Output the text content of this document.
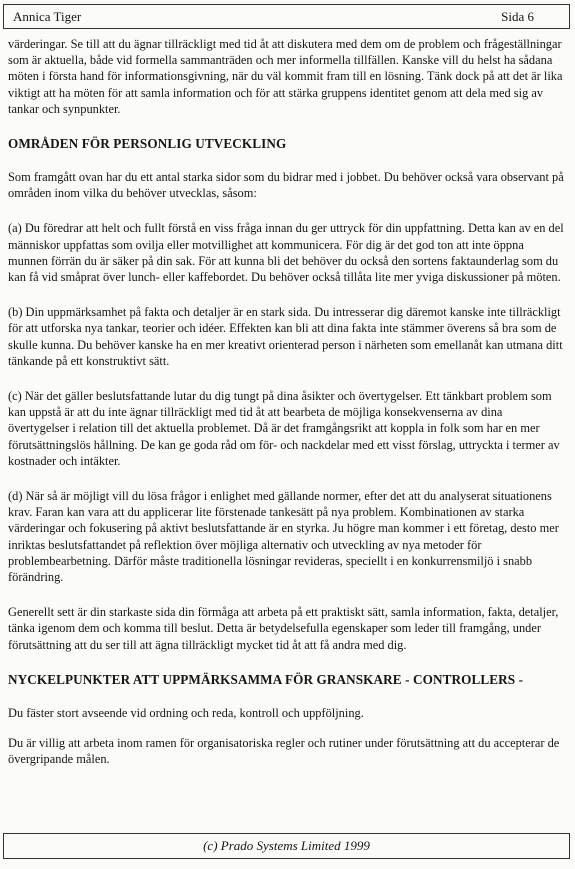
Annica Tiger	Sida 6

värderingar. Se till att du ägnar tillräckligt med tid åt att diskutera med dem om de problem och frågeställningar som är aktuella, både vid formella sammanträden och mer informella tillfällen. Kanske vill du helst ha sådana möten i första hand för informationsgivning, när du väl kommit fram till en lösning. Tänk dock på att det är lika viktigt att ha möten för att samla information och för att stärka gruppens identitet genom att dela med sig av tankar och synpunkter.

OMRÅDEN FÖR PERSONLIG UTVECKLING

Som framgått ovan har du ett antal starka sidor som du bidrar med i jobbet. Du behöver också vara observant på områden inom vilka du behöver utvecklas, såsom:

(a) Du föredrar att helt och fullt förstå en viss fråga innan du ger uttryck för din uppfattning. Detta kan av en del människor uppfattas som ovilja eller motvillighet att kommunicera. För dig är det god ton att inte öppna munnen förrän du är säker på din sak. För att kunna bli det behöver du också den sortens faktaunderlag som du kan få vid småprat över lunch- eller kaffebordet. Du behöver också tillåta lite mer yviga diskussioner på möten.

(b) Din uppmärksamhet på fakta och detaljer är en stark sida. Du intresserar dig däremot kanske inte tillräckligt för att utforska nya tankar, teorier och idéer. Effekten kan bli att dina fakta inte stämmer överens så bra som de skulle kunna. Du behöver kanske ha en mer kreativt orienterad person i närheten som emellanåt kan utmana ditt tänkande på ett konstruktivt sätt.

(c) När det gäller beslutsfattande lutar du dig tungt på dina åsikter och övertygelser. Ett tänkbart problem som kan uppstå är att du inte ägnar tillräckligt med tid åt att bearbeta de möjliga konsekvenserna av dina övertygelser i relation till det aktuella problemet. Då är det framgångsrikt att koppla in folk som har en mer förutsättningslös hållning. De kan ge goda råd om för- och nackdelar med ett visst förslag, uttryckta i termer av kostnader och intäkter.

(d) När så är möjligt vill du lösa frågor i enlighet med gällande normer, efter det att du analyserat situationens krav. Faran kan vara att du applicerar lite förstenade tankesätt på nya problem. Kombinationen av starka värderingar och fokusering på aktivt beslutsfattande är en styrka. Ju högre man kommer i ett företag, desto mer inriktas beslutsfattandet på reflektion över möjliga alternativ och utveckling av nya metoder för problembearbetning. Därför måste traditionella lösningar revideras, speciellt i en konkurrensmiljö i snabb förändring.

Generellt sett är din starkaste sida din förmåga att arbeta på ett praktiskt sätt, samla information, fakta, detaljer, tänka igenom dem och komma till beslut. Detta är betydelsefulla egenskaper som leder till framgång, under förutsättning att du ser till att ägna tillräckligt mycket tid åt att få andra med dig.

NYCKELPUNKTER ATT UPPMÄRKSAMMA FÖR GRANSKARE - CONTROLLERS -

Du fäster stort avseende vid ordning och reda, kontroll och uppföljning.

Du är villig att arbeta inom ramen för organisatoriska regler och rutiner under förutsättning att du accepterar de övergripande målen.

(c) Prado Systems Limited 1999
